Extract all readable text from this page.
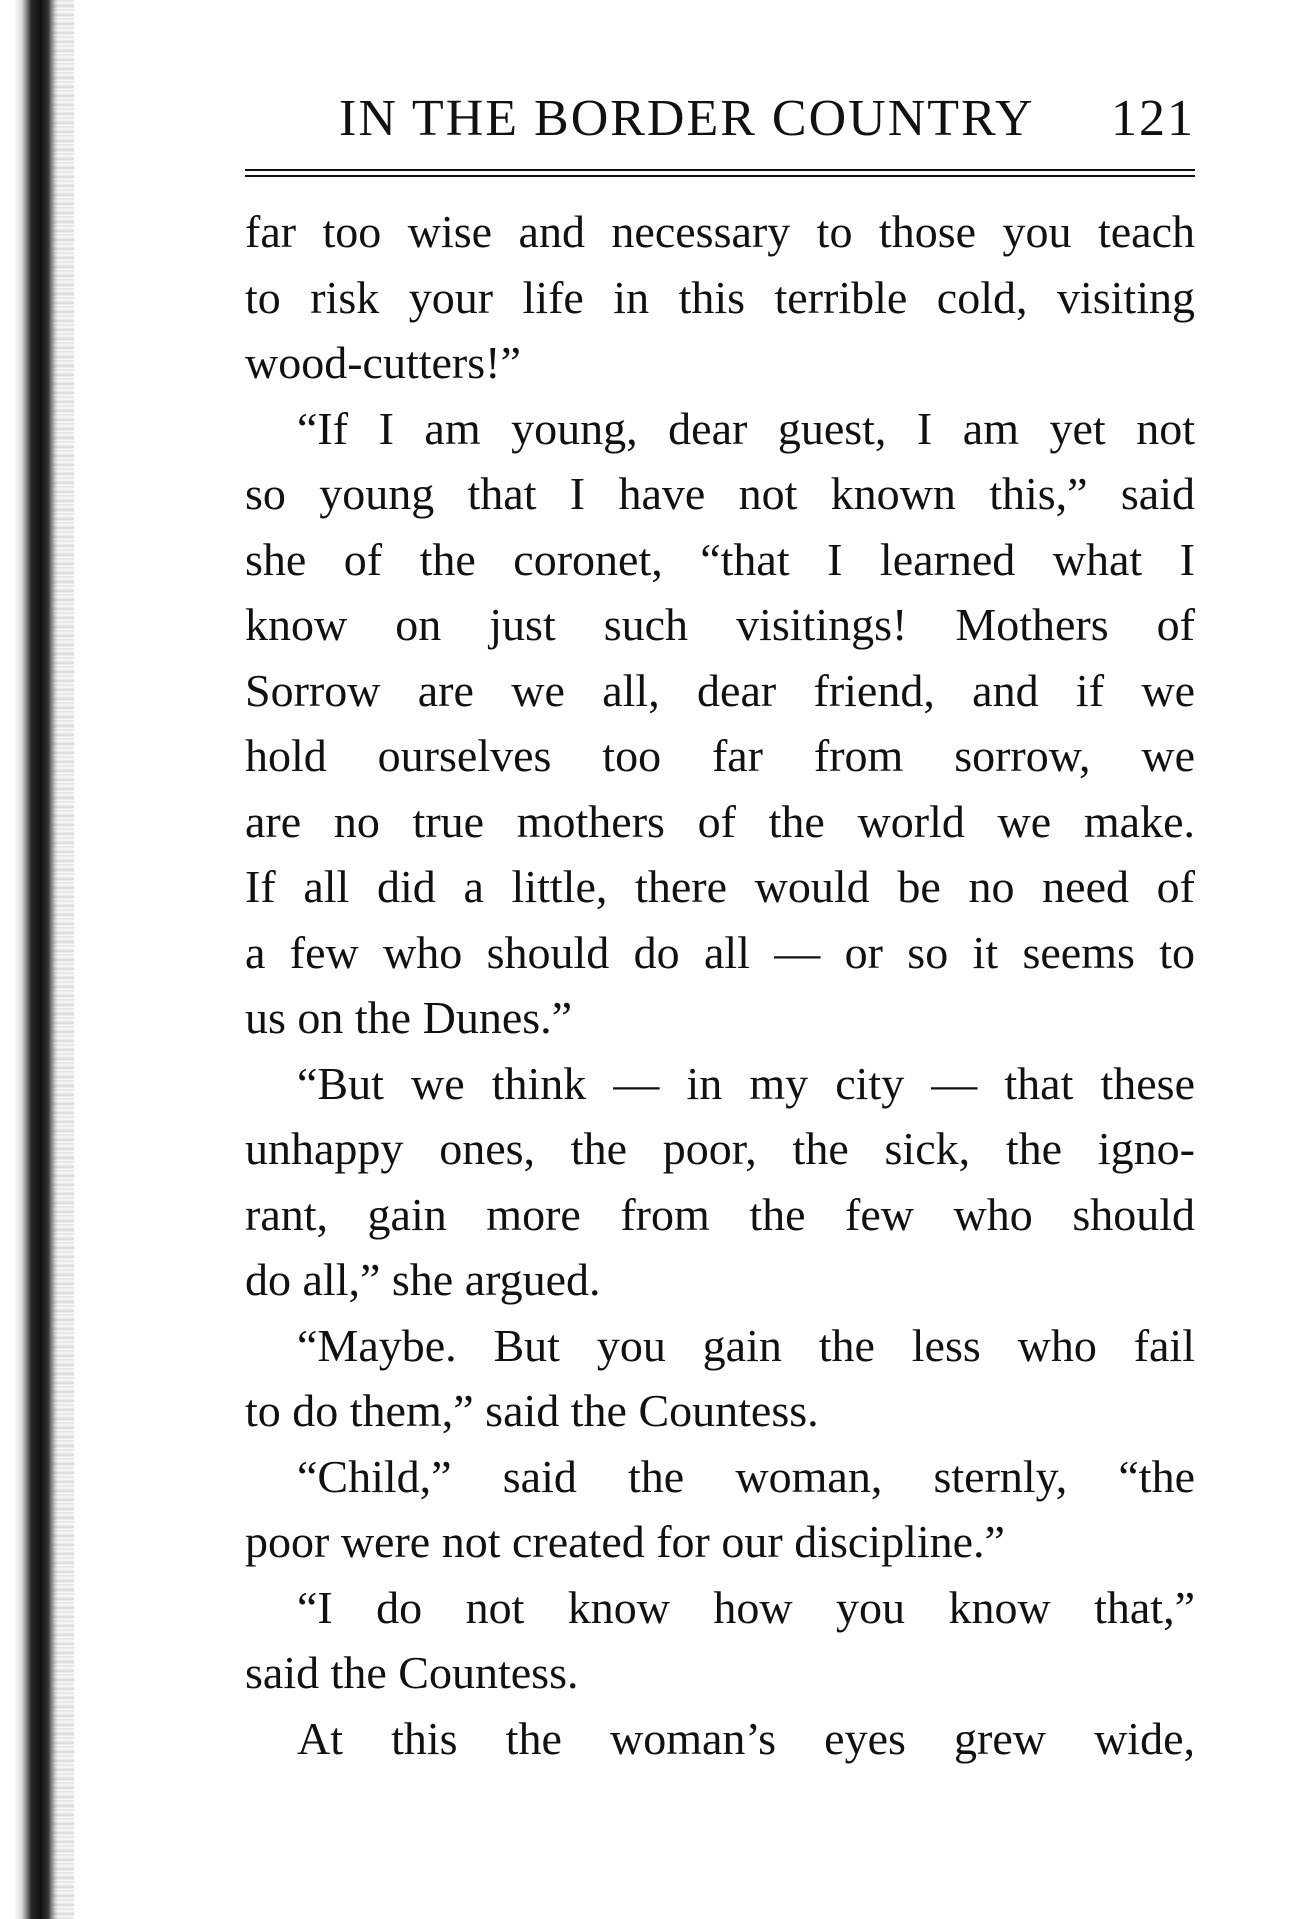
IN THE BORDER COUNTRY 121
far too wise and necessary to those you teach
to risk your life in this terrible cold, visiting
wood-cutters!”
“If I am young, dear guest, I am yet not
so young that I have not known this,” said
she of the coronet, “that I learned what I
know on just such visitings! Mothers of
Sorrow are we all, dear friend, and if we
hold ourselves too far from sorrow, we
are no true mothers of the world we make.
If all did a little, there would be no need of
a few who should do all — or so it seems to
us on the Dunes.”
“But we think — in my city — that these
unhappy ones, the poor, the sick, the igno-
rant, gain more from the few who should
do all,” she argued.
“Maybe. But you gain the less who fail
to do them,” said the Countess.
“Child,” said the woman, sternly, “the
poor were not created for our discipline.”
“I do not know how you know that,”
said the Countess.
At this the woman’s eyes grew wide,
